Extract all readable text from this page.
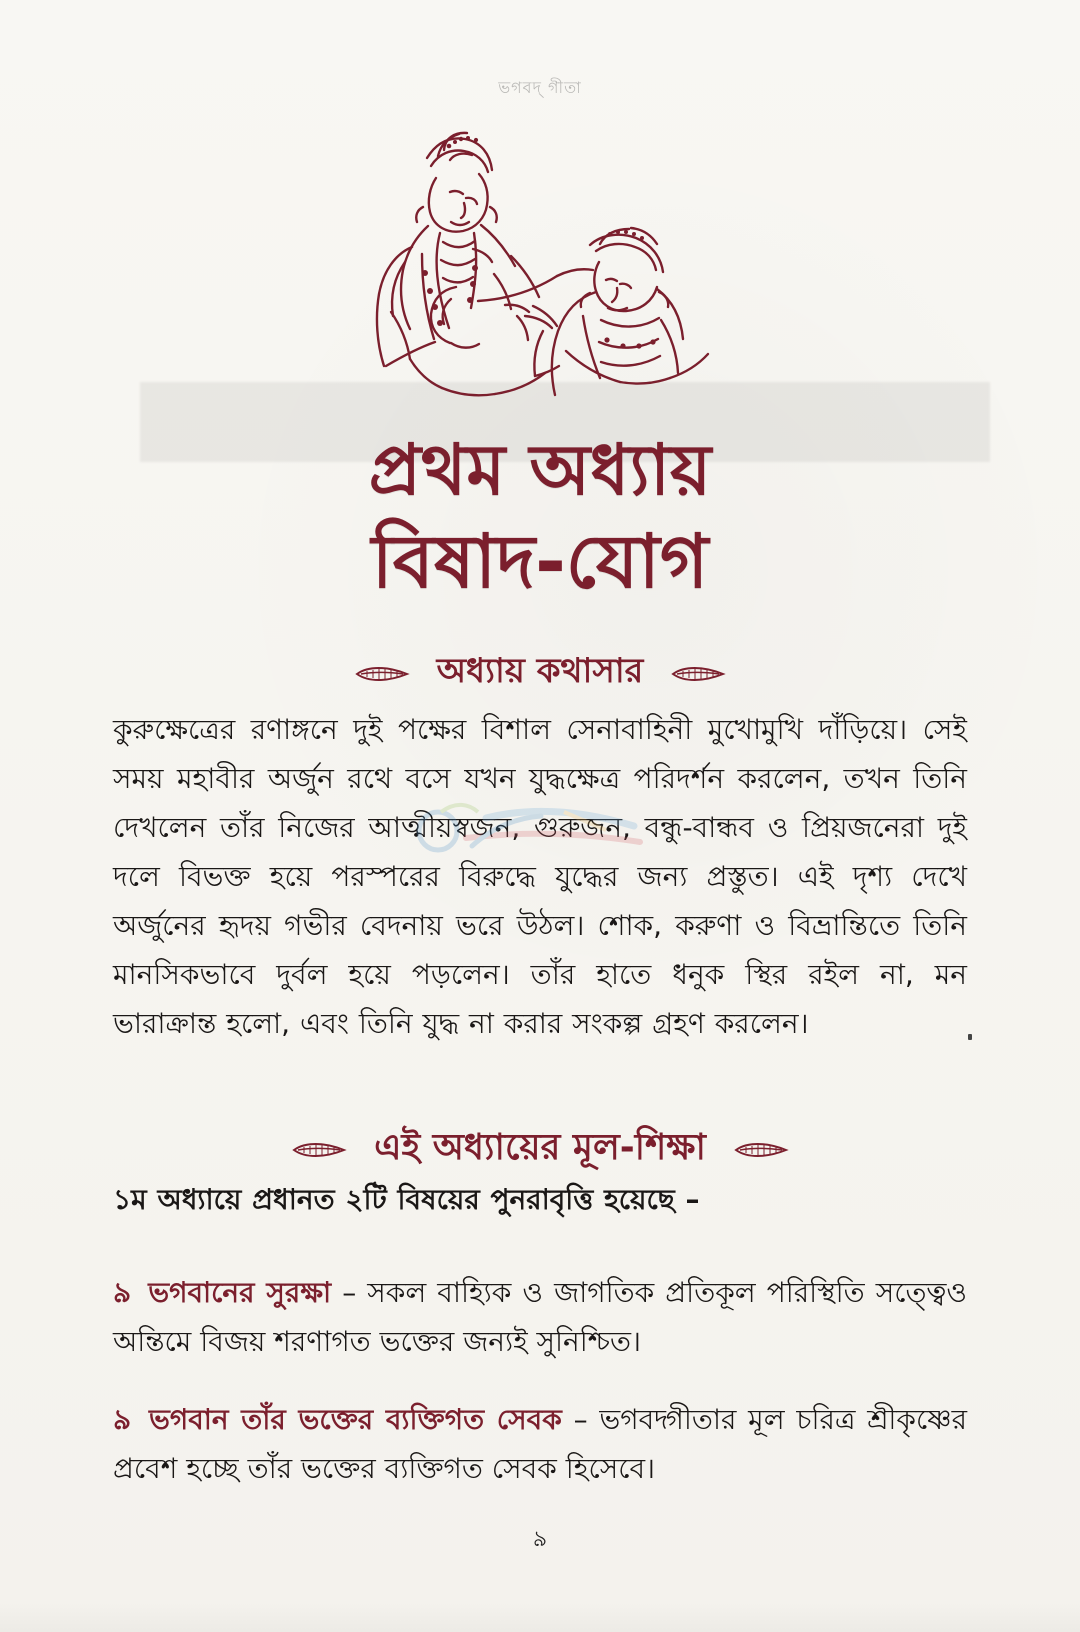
ভগবদ্‌ গীতা
প্রথম অধ্যায়
বিষাদ-যোগ
অধ্যায় কথাসার
কুরুক্ষেত্রের রণাঙ্গনে দুই পক্ষের বিশাল সেনাবাহিনী মুখোমুখি দাঁড়িয়ে। সেই সময় মহাবীর অর্জুন রথে বসে যখন যুদ্ধক্ষেত্র পরিদর্শন করলেন, তখন তিনি দেখলেন তাঁর নিজের আত্মীয়স্বজন, গুরুজন, বন্ধু-বান্ধব ও প্রিয়জনেরা দুই দলে বিভক্ত হয়ে পরস্পরের বিরুদ্ধে যুদ্ধের জন্য প্রস্তুত। এই দৃশ্য দেখে অর্জুনের হৃদয় গভীর বেদনায় ভরে উঠল। শোক, করুণা ও বিভ্রান্তিতে তিনি মানসিকভাবে দুর্বল হয়ে পড়লেন। তাঁর হাতে ধনুক স্থির রইল না, মন ভারাক্রান্ত হলো, এবং তিনি যুদ্ধ না করার সংকল্প গ্রহণ করলেন।
এই অধ্যায়ের মূল-শিক্ষা
১ম অধ্যায়ে প্রধানত ২টি বিষয়ের পুনরাবৃত্তি হয়েছে –
৯ ভগবানের সুরক্ষা – সকল বাহ্যিক ও জাগতিক প্রতিকূল পরিস্থিতি সত্ত্বেও অন্তিমে বিজয় শরণাগত ভক্তের জন্যই সুনিশ্চিত।
৯ ভগবান তাঁর ভক্তের ব্যক্তিগত সেবক – ভগবদ্গীতার মূল চরিত্র শ্রীকৃষ্ণের প্রবেশ হচ্ছে তাঁর ভক্তের ব্যক্তিগত সেবক হিসেবে।
৯
